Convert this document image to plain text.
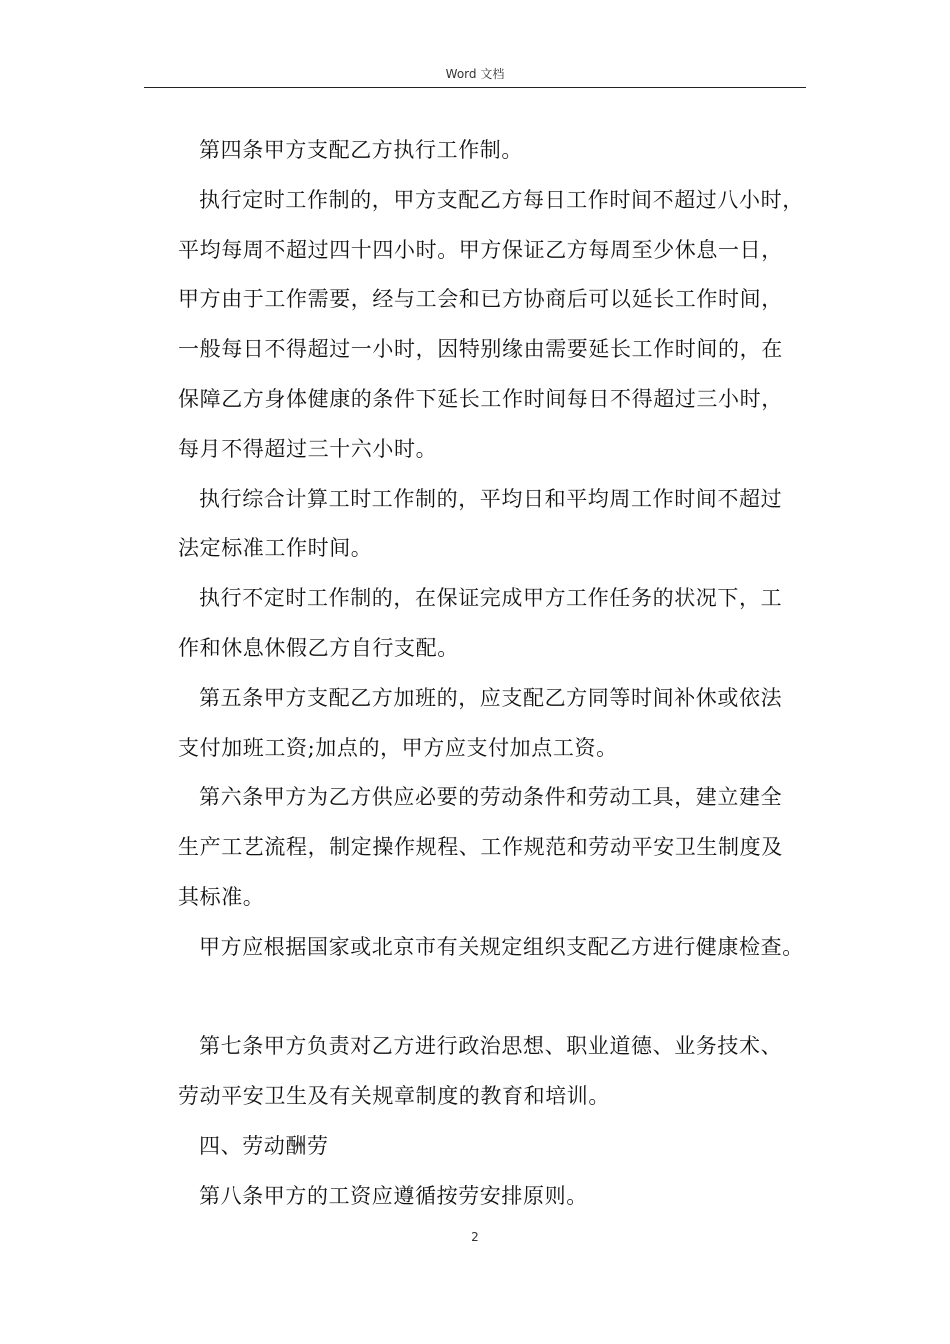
Word 文档

第四条甲方支配乙方执行工作制。

执行定时工作制的，甲方支配乙方每日工作时间不超过八小时，
平均每周不超过四十四小时。甲方保证乙方每周至少休息一日，
甲方由于工作需要，经与工会和已方协商后可以延长工作时间，
一般每日不得超过一小时，因特别缘由需要延长工作时间的，在
保障乙方身体健康的条件下延长工作时间每日不得超过三小时，
每月不得超过三十六小时。

执行综合计算工时工作制的，平均日和平均周工作时间不超过
法定标准工作时间。

执行不定时工作制的，在保证完成甲方工作任务的状况下，工
作和休息休假乙方自行支配。

第五条甲方支配乙方加班的，应支配乙方同等时间补休或依法
支付加班工资;加点的，甲方应支付加点工资。

第六条甲方为乙方供应必要的劳动条件和劳动工具，建立建全
生产工艺流程，制定操作规程、工作规范和劳动平安卫生制度及
其标准。

甲方应根据国家或北京市有关规定组织支配乙方进行健康检查。

第七条甲方负责对乙方进行政治思想、职业道德、业务技术、
劳动平安卫生及有关规章制度的教育和培训。

四、劳动酬劳

第八条甲方的工资应遵循按劳安排原则。

2
